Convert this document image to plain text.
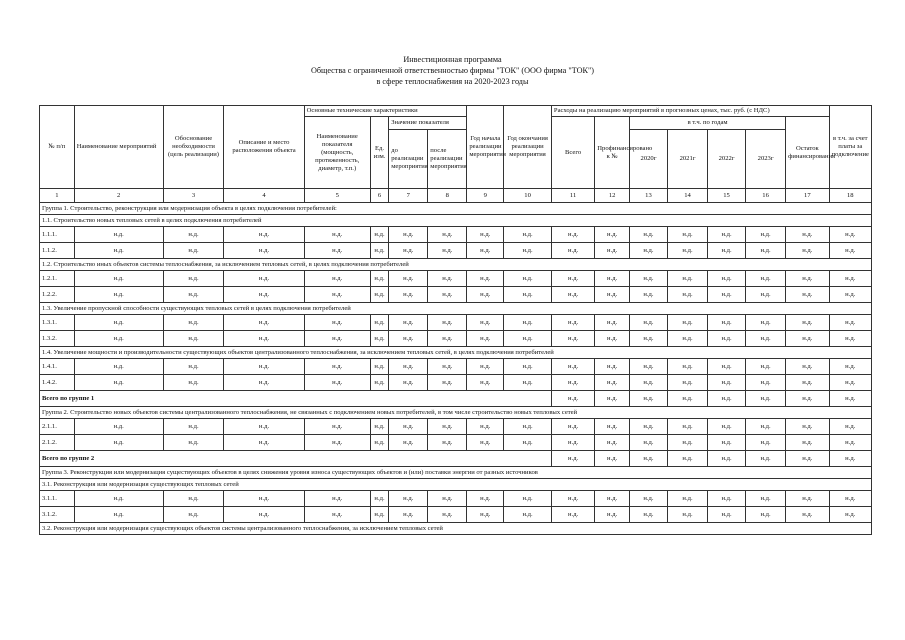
Инвестиционная программа
Общества с ограниченной ответственностью фирмы "ТОК" (ООО фирма "ТОК")
в сфере теплоснабжения на 2020-2023 годы
№ п/п	Наименование мероприятий	Обоснование необходимости (цель реализации)	Описание и место расположения объекта	Основные технические характеристики				Год начала реализации мероприятия	Год окончания реализации мероприятия	Расходы на реализацию мероприятий в прогнозных ценах, тыс. руб. (с НДС)							в т.ч. за счет платы за подключение
				Наименование показателя (мощность, протяженность, диаметр, т.п.)	Ед. изм.	Значение показателя				Всего	Профинансировано к №	в т.ч. по годам				Остаток финансирования	
						до реализации мероприятия	после реализации мероприятия					2020г	2021г	2022г	2023г		
1	2	3	4	5	6	7	8	9	10	11	12	13	14	15	16	17	18
Группа 1. Строительство, реконструкция или модернизация объекта в целях подключения потребителей:																	
1.1. Строительство новых тепловых сетей в целях подключения потребителей																	
1.1.1.	н.д.	н.д.	н.д.	н.д.	н.д.	н.д.	н.д.	н.д.	н.д.	н.д.	н.д.	н.д.	н.д.	н.д.	н.д.	н.д.	н.д.
1.1.2.	н.д.	н.д.	н.д.	н.д.	н.д.	н.д.	н.д.	н.д.	н.д.	н.д.	н.д.	н.д.	н.д.	н.д.	н.д.	н.д.	н.д.
1.2. Строительство иных объектов системы теплоснабжения, за исключением тепловых сетей, в целях подключения потребителей																	
1.2.1.	н.д.	н.д.	н.д.	н.д.	н.д.	н.д.	н.д.	н.д.	н.д.	н.д.	н.д.	н.д.	н.д.	н.д.	н.д.	н.д.	н.д.
1.2.2.	н.д.	н.д.	н.д.	н.д.	н.д.	н.д.	н.д.	н.д.	н.д.	н.д.	н.д.	н.д.	н.д.	н.д.	н.д.	н.д.	н.д.
1.3. Увеличение пропускной способности существующих тепловых сетей в целях подключения потребителей																	
1.3.1.	н.д.	н.д.	н.д.	н.д.	н.д.	н.д.	н.д.	н.д.	н.д.	н.д.	н.д.	н.д.	н.д.	н.д.	н.д.	н.д.	н.д.
1.3.2.	н.д.	н.д.	н.д.	н.д.	н.д.	н.д.	н.д.	н.д.	н.д.	н.д.	н.д.	н.д.	н.д.	н.д.	н.д.	н.д.	н.д.
1.4. Увеличение мощности и производительности существующих объектов централизованного теплоснабжения, за исключением тепловых сетей, в целях подключения потребителей																	
1.4.1.	н.д.	н.д.	н.д.	н.д.	н.д.	н.д.	н.д.	н.д.	н.д.	н.д.	н.д.	н.д.	н.д.	н.д.	н.д.	н.д.	н.д.
1.4.2.	н.д.	н.д.	н.д.	н.д.	н.д.	н.д.	н.д.	н.д.	н.д.	н.д.	н.д.	н.д.	н.д.	н.д.	н.д.	н.д.	н.д.
Всего по группе 1										н.д.	н.д.	н.д.	н.д.	н.д.	н.д.	н.д.	н.д.
Группа 2. Строительство новых объектов системы централизованного теплоснабжения, не связанных с подключением новых потребителей, в том числе строительство новых тепловых сетей																	
2.1.1.	н.д.	н.д.	н.д.	н.д.	н.д.	н.д.	н.д.	н.д.	н.д.	н.д.	н.д.	н.д.	н.д.	н.д.	н.д.	н.д.	н.д.
2.1.2.	н.д.	н.д.	н.д.	н.д.	н.д.	н.д.	н.д.	н.д.	н.д.	н.д.	н.д.	н.д.	н.д.	н.д.	н.д.	н.д.	н.д.
Всего по группе 2										н.д.	н.д.	н.д.	н.д.	н.д.	н.д.	н.д.	н.д.
Группа 3. Реконструкция или модернизация существующих объектов в целях снижения уровня износа существующих объектов и (или) поставки энергии от разных источников																	
3.1. Реконструкция или модернизация существующих тепловых сетей																	
3.1.1.	н.д.	н.д.	н.д.	н.д.	н.д.	н.д.	н.д.	н.д.	н.д.	н.д.	н.д.	н.д.	н.д.	н.д.	н.д.	н.д.	н.д.
3.1.2.	н.д.	н.д.	н.д.	н.д.	н.д.	н.д.	н.д.	н.д.	н.д.	н.д.	н.д.	н.д.	н.д.	н.д.	н.д.	н.д.	н.д.
3.2. Реконструкция или модернизация существующих объектов системы централизованного теплоснабжения, за исключением тепловых сетей																	
